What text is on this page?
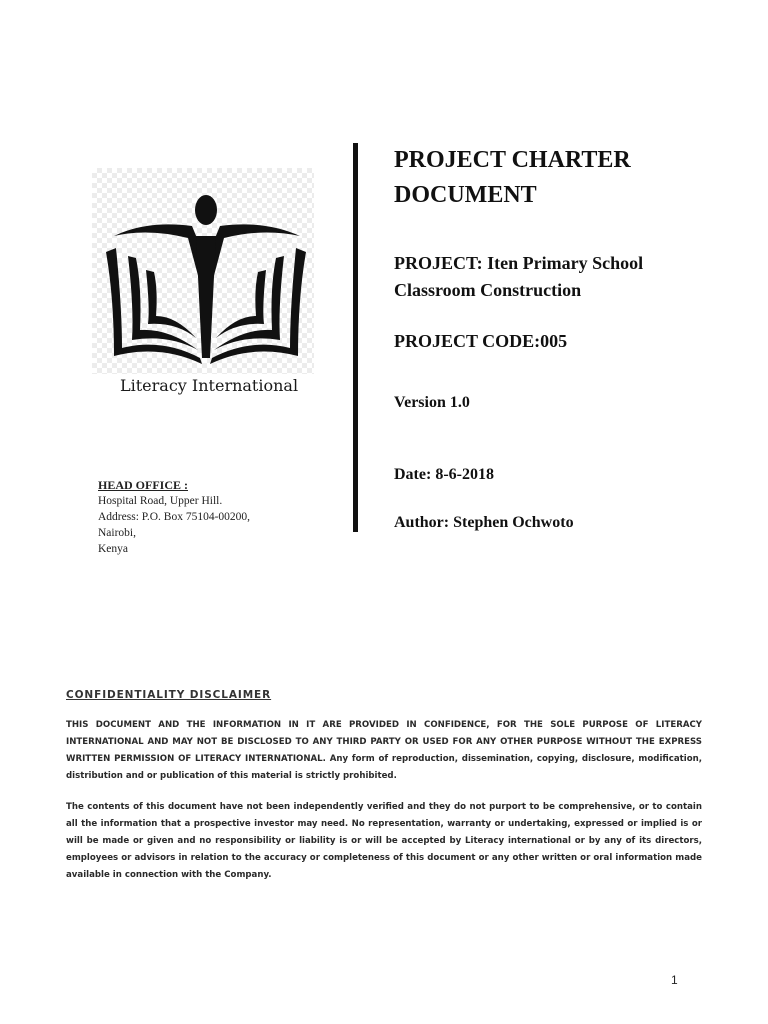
Literacy International
HEAD OFFICE :
Hospital Road, Upper Hill.
Address: P.O. Box 75104-00200,
Nairobi,
Kenya
PROJECT CHARTER
DOCUMENT
PROJECT: Iten Primary School
Classroom Construction
PROJECT CODE:005
Version 1.0
Date: 8-6-2018
Author: Stephen Ochwoto
CONFIDENTIALITY DISCLAIMER

THIS DOCUMENT AND THE INFORMATION IN IT ARE PROVIDED IN CONFIDENCE, FOR THE SOLE PURPOSE OF LITERACY INTERNATIONAL AND MAY NOT BE DISCLOSED TO ANY THIRD PARTY OR USED FOR ANY OTHER PURPOSE WITHOUT THE EXPRESS WRITTEN PERMISSION OF LITERACY INTERNATIONAL. Any form of reproduction, dissemination, copying, disclosure, modification, distribution and or publication of this material is strictly prohibited.

The contents of this document have not been independently verified and they do not purport to be comprehensive, or to contain all the information that a prospective investor may need. No representation, warranty or undertaking, expressed or implied is or will be made or given and no responsibility or liability is or will be accepted by Literacy international or by any of its directors, employees or advisors in relation to the accuracy or completeness of this document or any other written or oral information made available in connection with the Company.

1
